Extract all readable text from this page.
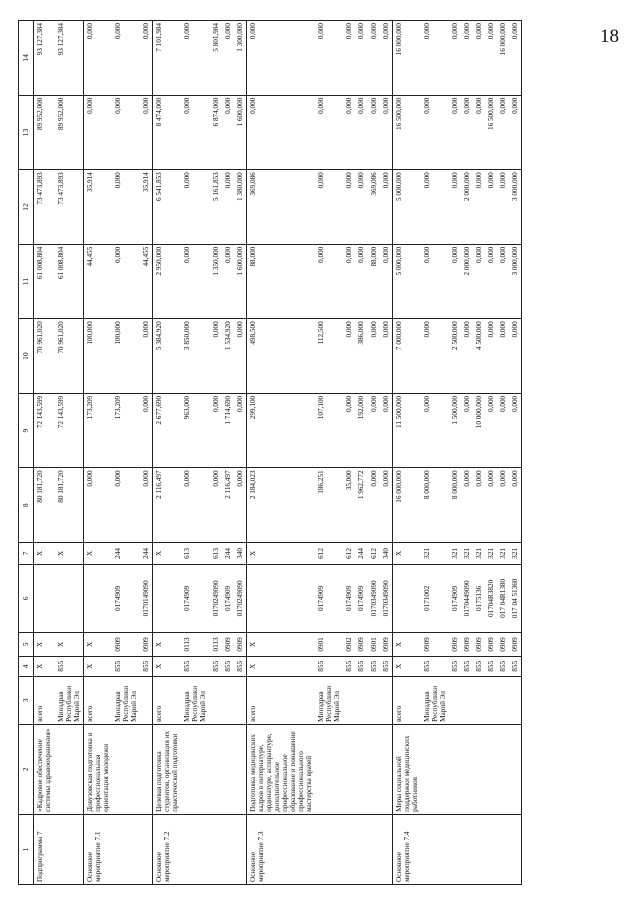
18
1	2	3	4	5	6	7	8	9	10	11	12	13	14
Подпрограмма 7	«Кадровое обеспечение системы здравоохранения»	всего	X	X		X	80 181,720	72 143,599	70 961,020	61 008,804	73 473,893	89 952,000	93 127,384
		Минздрав Республики Марий Эл	855	X		X	80 181,720	72 143,599	70 961,020	61 008,804	73 473,893	89 952,000	93 127,384
Основное мероприятие 7.1	Довузовская подготовка и профессиональная ориентация молодежи	всего	X	X		X	0,000	173,209	100,000	44,455	35,914	0,000	0,000
		Минздрав Республики Марий Эл	855	0909	0174909	244	0,000	173,209	100,000	0,000	0,000	0,000	0,000
			855	0909	0170149090	244	0,000	0,000	0,000	44,455	35,914	0,000	0,000
Основное мероприятие 7.2	Целевая подготовка студентов, организация их практической подготовки	всего	X	X		X	2 116,497	2 677,690	5 384,920	2 950,000	6 541,853	8 474,000	7 101,984
		Минздрав Республики Марий Эл	855	0113	0174909	613	0,000	963,000	3 850,000	0,000	0,000	0,000	0,000
			855	0113	0170249090	613	0,000	0,000	0,000	1 350,000	5 161,853	6 874,000	5 801,984
			855	0909	0174909	244	2 116,497	1 714,690	1 534,920	0,000	0,000	0,000	0,000
			855	0909	0170249090	340	0,000	0,000	0,000	1 600,000	1 380,000	1 600,000	1 300,000
Основное мероприятие 7.3	Подготовка медицинских кадров в интернатуре, ординатуре, аспирантуре, дополнительное профессиональное образование и повышение профессионального мастерства врачей	всего	X	X		X	2 184,023	299,100	498,500	88,000	369,086	0,000	0,000
		Минздрав Республики Марий Эл	855	0901	0174909	612	186,251	107,100	112,500	0,000	0,000	0,000	0,000
			855	0902	0174909	612	35,000	0,000	0,000	0,000	0,000	0,000	0,000
			855	0909	0174909	244	1 962,772	192,000	386,000	0,000	0,000	0,000	0,000
			855	0901	0170349090	612	0,000	0,000	0,000	88,000	369,086	0,000	0,000
			855	0909	0170349090	340	0,000	0,000	0,000	0,000	0,000	0,000	0,000
Основное мероприятие 7.4	Меры социальной поддержки медицинских работников	всего	X	X		X	16 000,000	11 500,000	7 000,000	5 000,000	5 000,000	16 500,000	16 000,000
		Минздрав Республики Марий Эл	855	0909	0171002	321	8 000,000	0,000	0,000	0,000	0,000	0,000	0,000
			855	0909	0174909	321	8 000,000	1 500,000	2 500,000	0,000	0,000	0,000	0,000
			855	0909	0170449090	321	0,000	0,000	0,000	2 000,000	2 000,000	0,000	0,000
			855	0909	0175136	321	0,000	10 000,000	4 500,000	0,000	0,000	0,000	0,000
			855	0909	01704R3820	321	0,000	0,000	0,000	0,000	0,000	16 500,000	0,000
			855	0909	017 04R1380	321	0,000	0,000	0,000	0,000	0,000	0,000	16 000,000
			855	0909	017 04 51360	321	0,000	0,000	0,000	3 000,000	3 000,000	0,000	0,000
